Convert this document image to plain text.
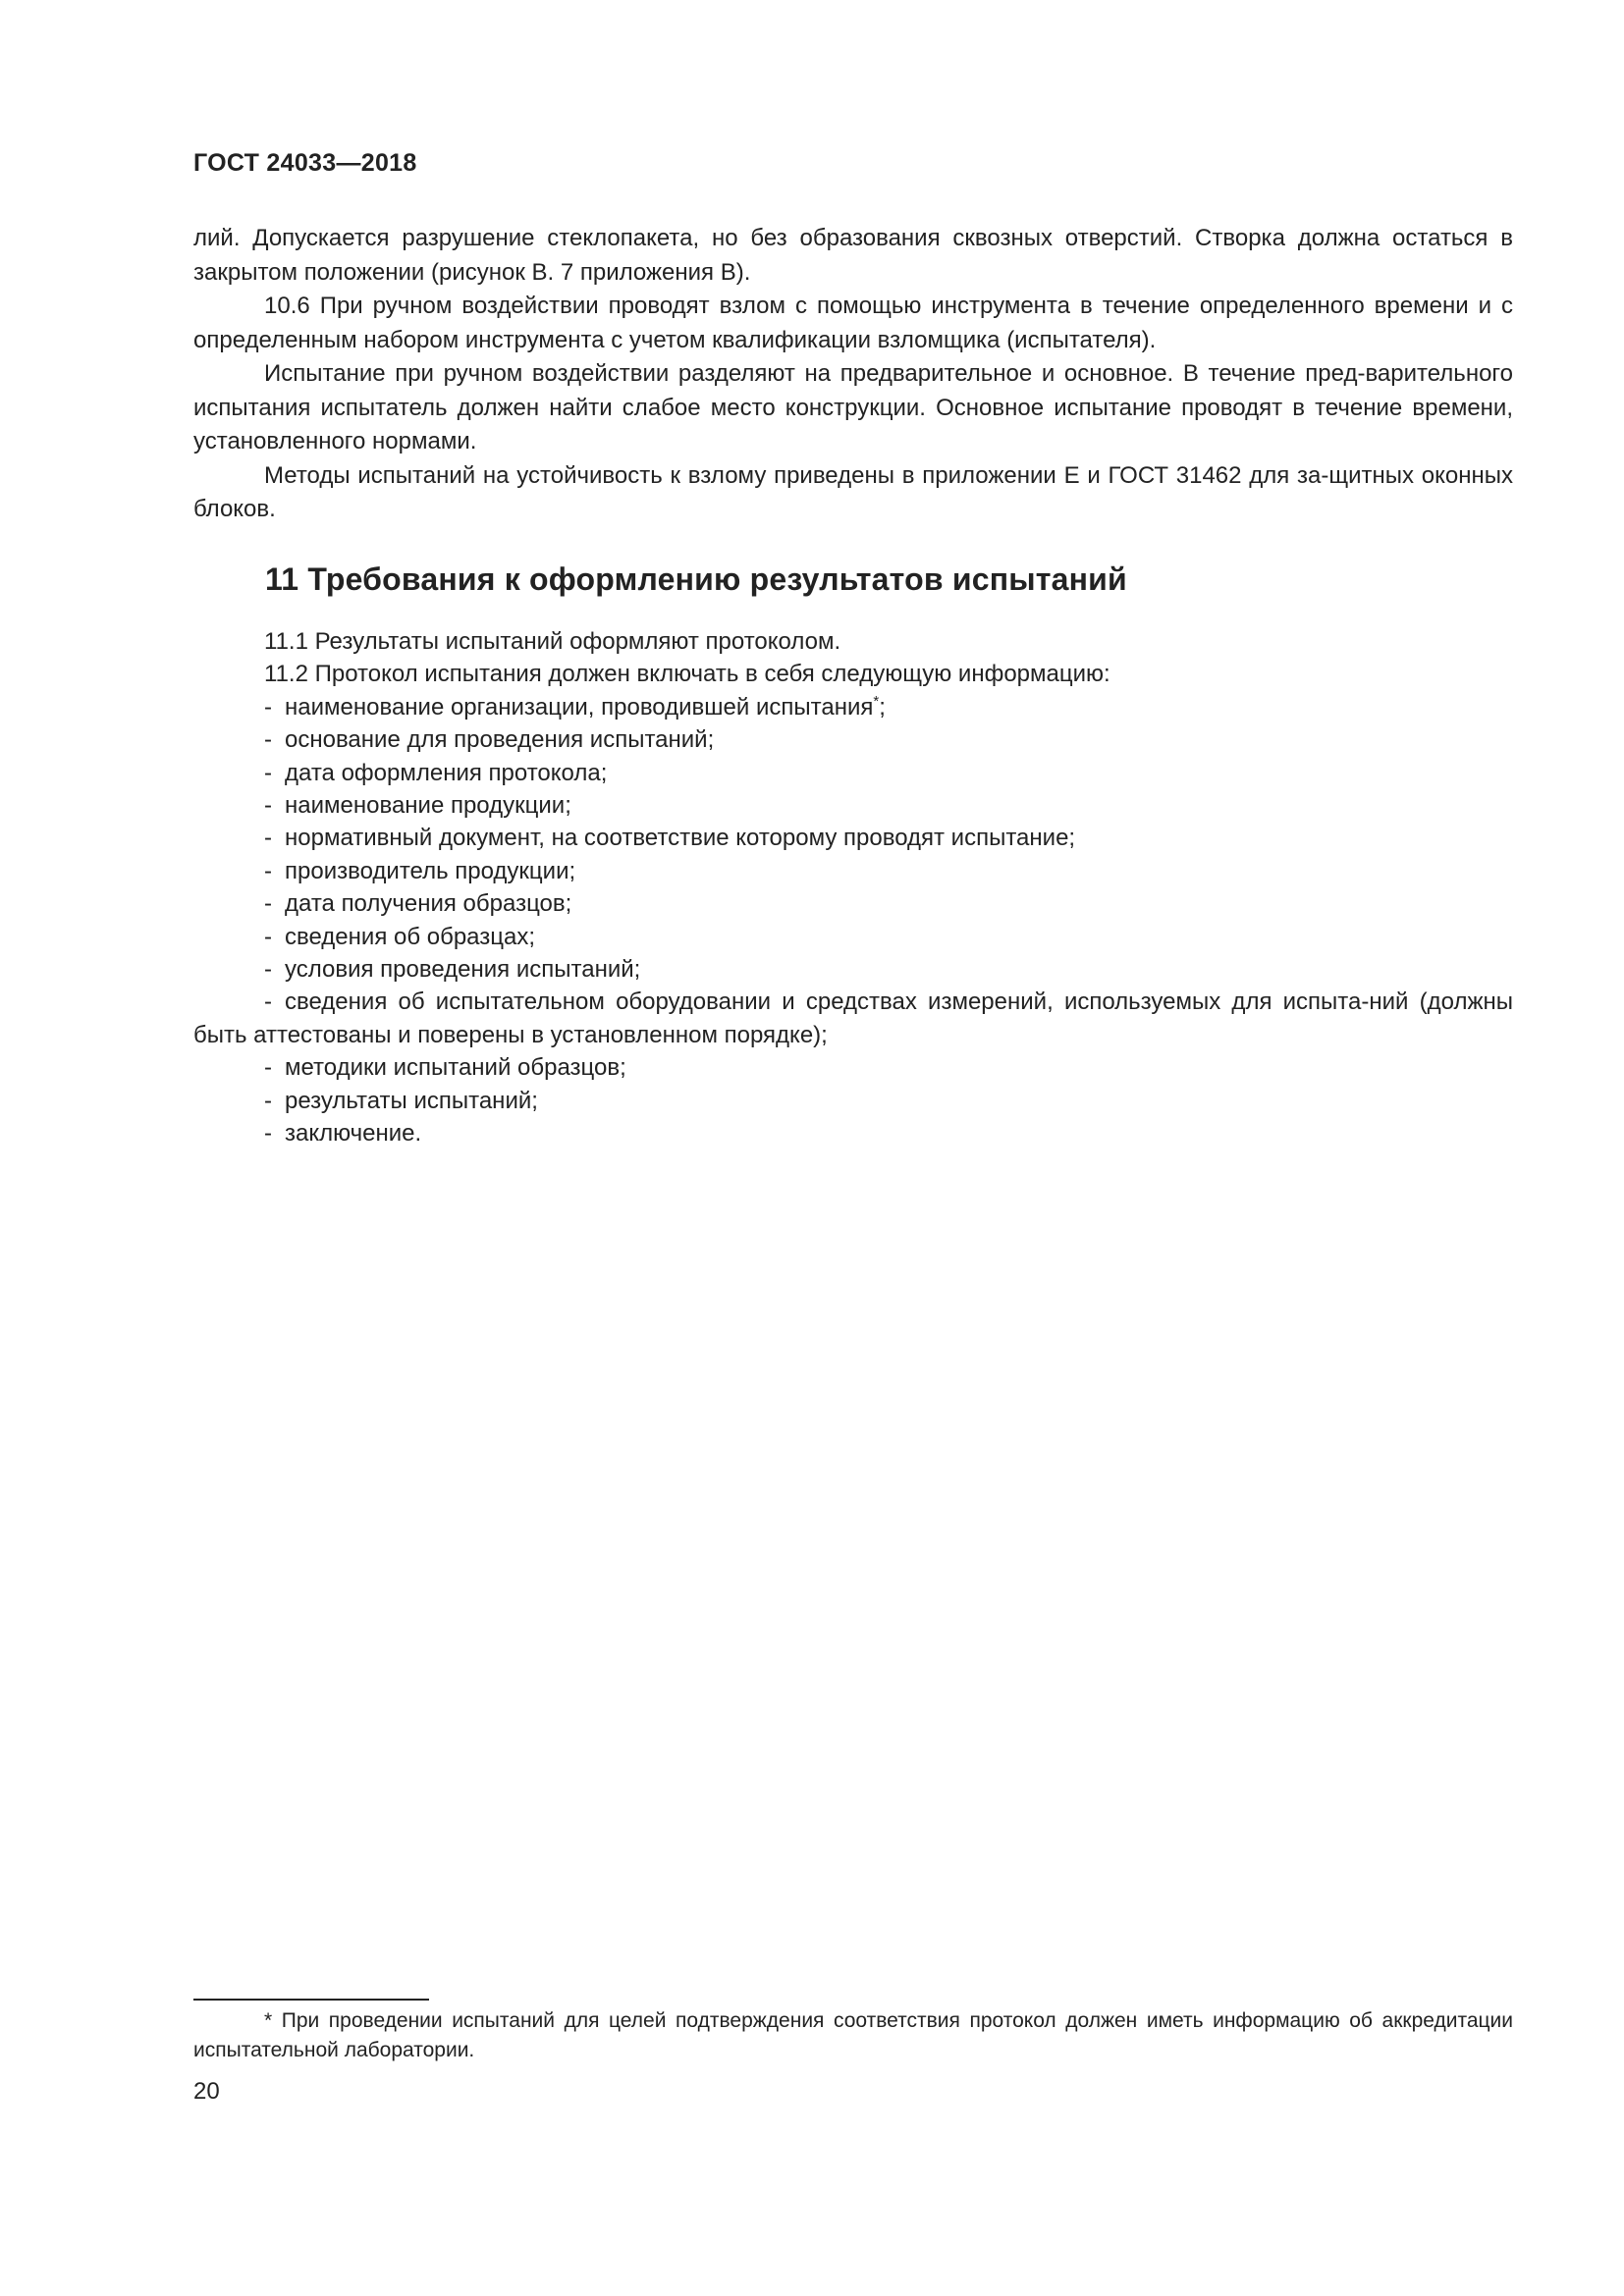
ГОСТ 24033—2018

лий. Допускается разрушение стеклопакета, но без образования сквозных отверстий. Створка должна остаться в закрытом положении (рисунок В. 7 приложения В).

10.6 При ручном воздействии проводят взлом с помощью инструмента в течение определенного времени и с определенным набором инструмента с учетом квалификации взломщика (испытателя).

Испытание при ручном воздействии разделяют на предварительное и основное. В течение пред-варительного испытания испытатель должен найти слабое место конструкции. Основное испытание проводят в течение времени, установленного нормами.

Методы испытаний на устойчивость к взлому приведены в приложении Е и ГОСТ 31462 для за-щитных оконных блоков.

11 Требования к оформлению результатов испытаний

11.1 Результаты испытаний оформляют протоколом.

11.2 Протокол испытания должен включать в себя следующую информацию:

- наименование организации, проводившей испытания*;
- основание для проведения испытаний;
- дата оформления протокола;
- наименование продукции;
- нормативный документ, на соответствие которому проводят испытание;
- производитель продукции;
- дата получения образцов;
- сведения об образцах;
- условия проведения испытаний;
- сведения об испытательном оборудовании и средствах измерений, используемых для испыта-ний (должны быть аттестованы и поверены в установленном порядке);
- методики испытаний образцов;
- результаты испытаний;
- заключение.

* При проведении испытаний для целей подтверждения соответствия протокол должен иметь информацию об аккредитации испытательной лаборатории.

20
